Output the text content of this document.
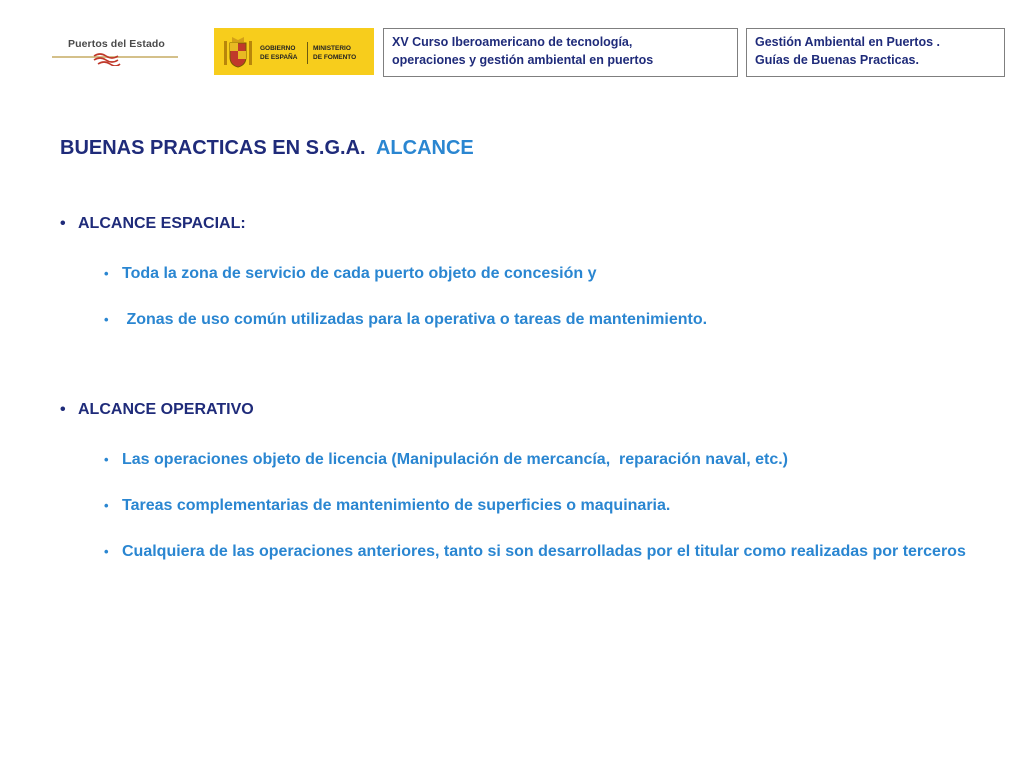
Puertos del Estado	GOBIERNO
DE ESPAÑA
MINISTERIO
DE FOMENTO
XV Curso Iberoamericano de tecnología,
operaciones y gestión ambiental en puertos
Gestión Ambiental en Puertos .
Guías de Buenas Practicas.
BUENAS PRACTICAS EN S.G.A. ALCANCE
• ALCANCE ESPACIAL:
• Toda la zona de servicio de cada puerto objeto de concesión y
• Zonas de uso común utilizadas para la operativa o tareas de mantenimiento.
• ALCANCE OPERATIVO
• Las operaciones objeto de licencia (Manipulación de mercancía,  reparación naval, etc.)
• Tareas complementarias de mantenimiento de superficies o maquinaria.
• Cualquiera de las operaciones anteriores, tanto si son desarrolladas por el titular como realizadas por terceros
